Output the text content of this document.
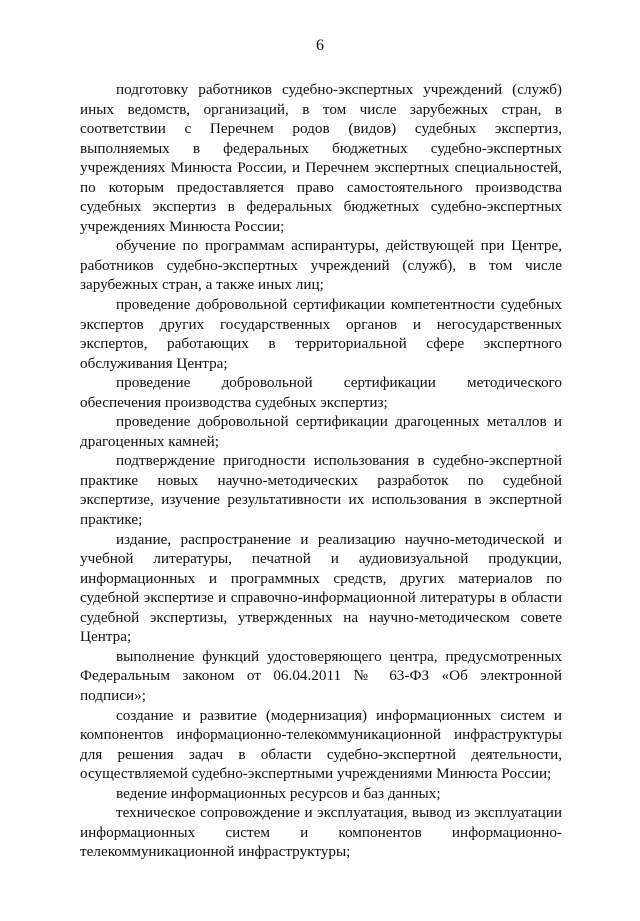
6

подготовку работников судебно-экспертных учреждений (служб) иных ведомств, организаций, в том числе зарубежных стран, в соответствии с Перечнем родов (видов) судебных экспертиз, выполняемых в федеральных бюджетных судебно-экспертных учреждениях Минюста России, и Перечнем экспертных специальностей, по которым предоставляется право самостоятельного производства судебных экспертиз в федеральных бюджетных судебно-экспертных учреждениях Минюста России;

обучение по программам аспирантуры, действующей при Центре, работников судебно-экспертных учреждений (служб), в том числе зарубежных стран, а также иных лиц;

проведение добровольной сертификации компетентности судебных экспертов других государственных органов и негосударственных экспертов, работающих в территориальной сфере экспертного обслуживания Центра;

проведение добровольной сертификации методического обеспечения производства судебных экспертиз;

проведение добровольной сертификации драгоценных металлов и драгоценных камней;

подтверждение пригодности использования в судебно-экспертной практике новых научно-методических разработок по судебной экспертизе, изучение результативности их использования в экспертной практике;

издание, распространение и реализацию научно-методической и учебной литературы, печатной и аудиовизуальной продукции, информационных и программных средств, других материалов по судебной экспертизе и справочно-информационной литературы в области судебной экспертизы, утвержденных на научно-методическом совете Центра;

выполнение функций удостоверяющего центра, предусмотренных Федеральным законом от 06.04.2011 № 63-ФЗ «Об электронной подписи»;

создание и развитие (модернизация) информационных систем и компонентов информационно-телекоммуникационной инфраструктуры для решения задач в области судебно-экспертной деятельности, осуществляемой судебно-экспертными учреждениями Минюста России;

ведение информационных ресурсов и баз данных;

техническое сопровождение и эксплуатация, вывод из эксплуатации информационных систем и компонентов информационно-телекоммуникационной инфраструктуры;
